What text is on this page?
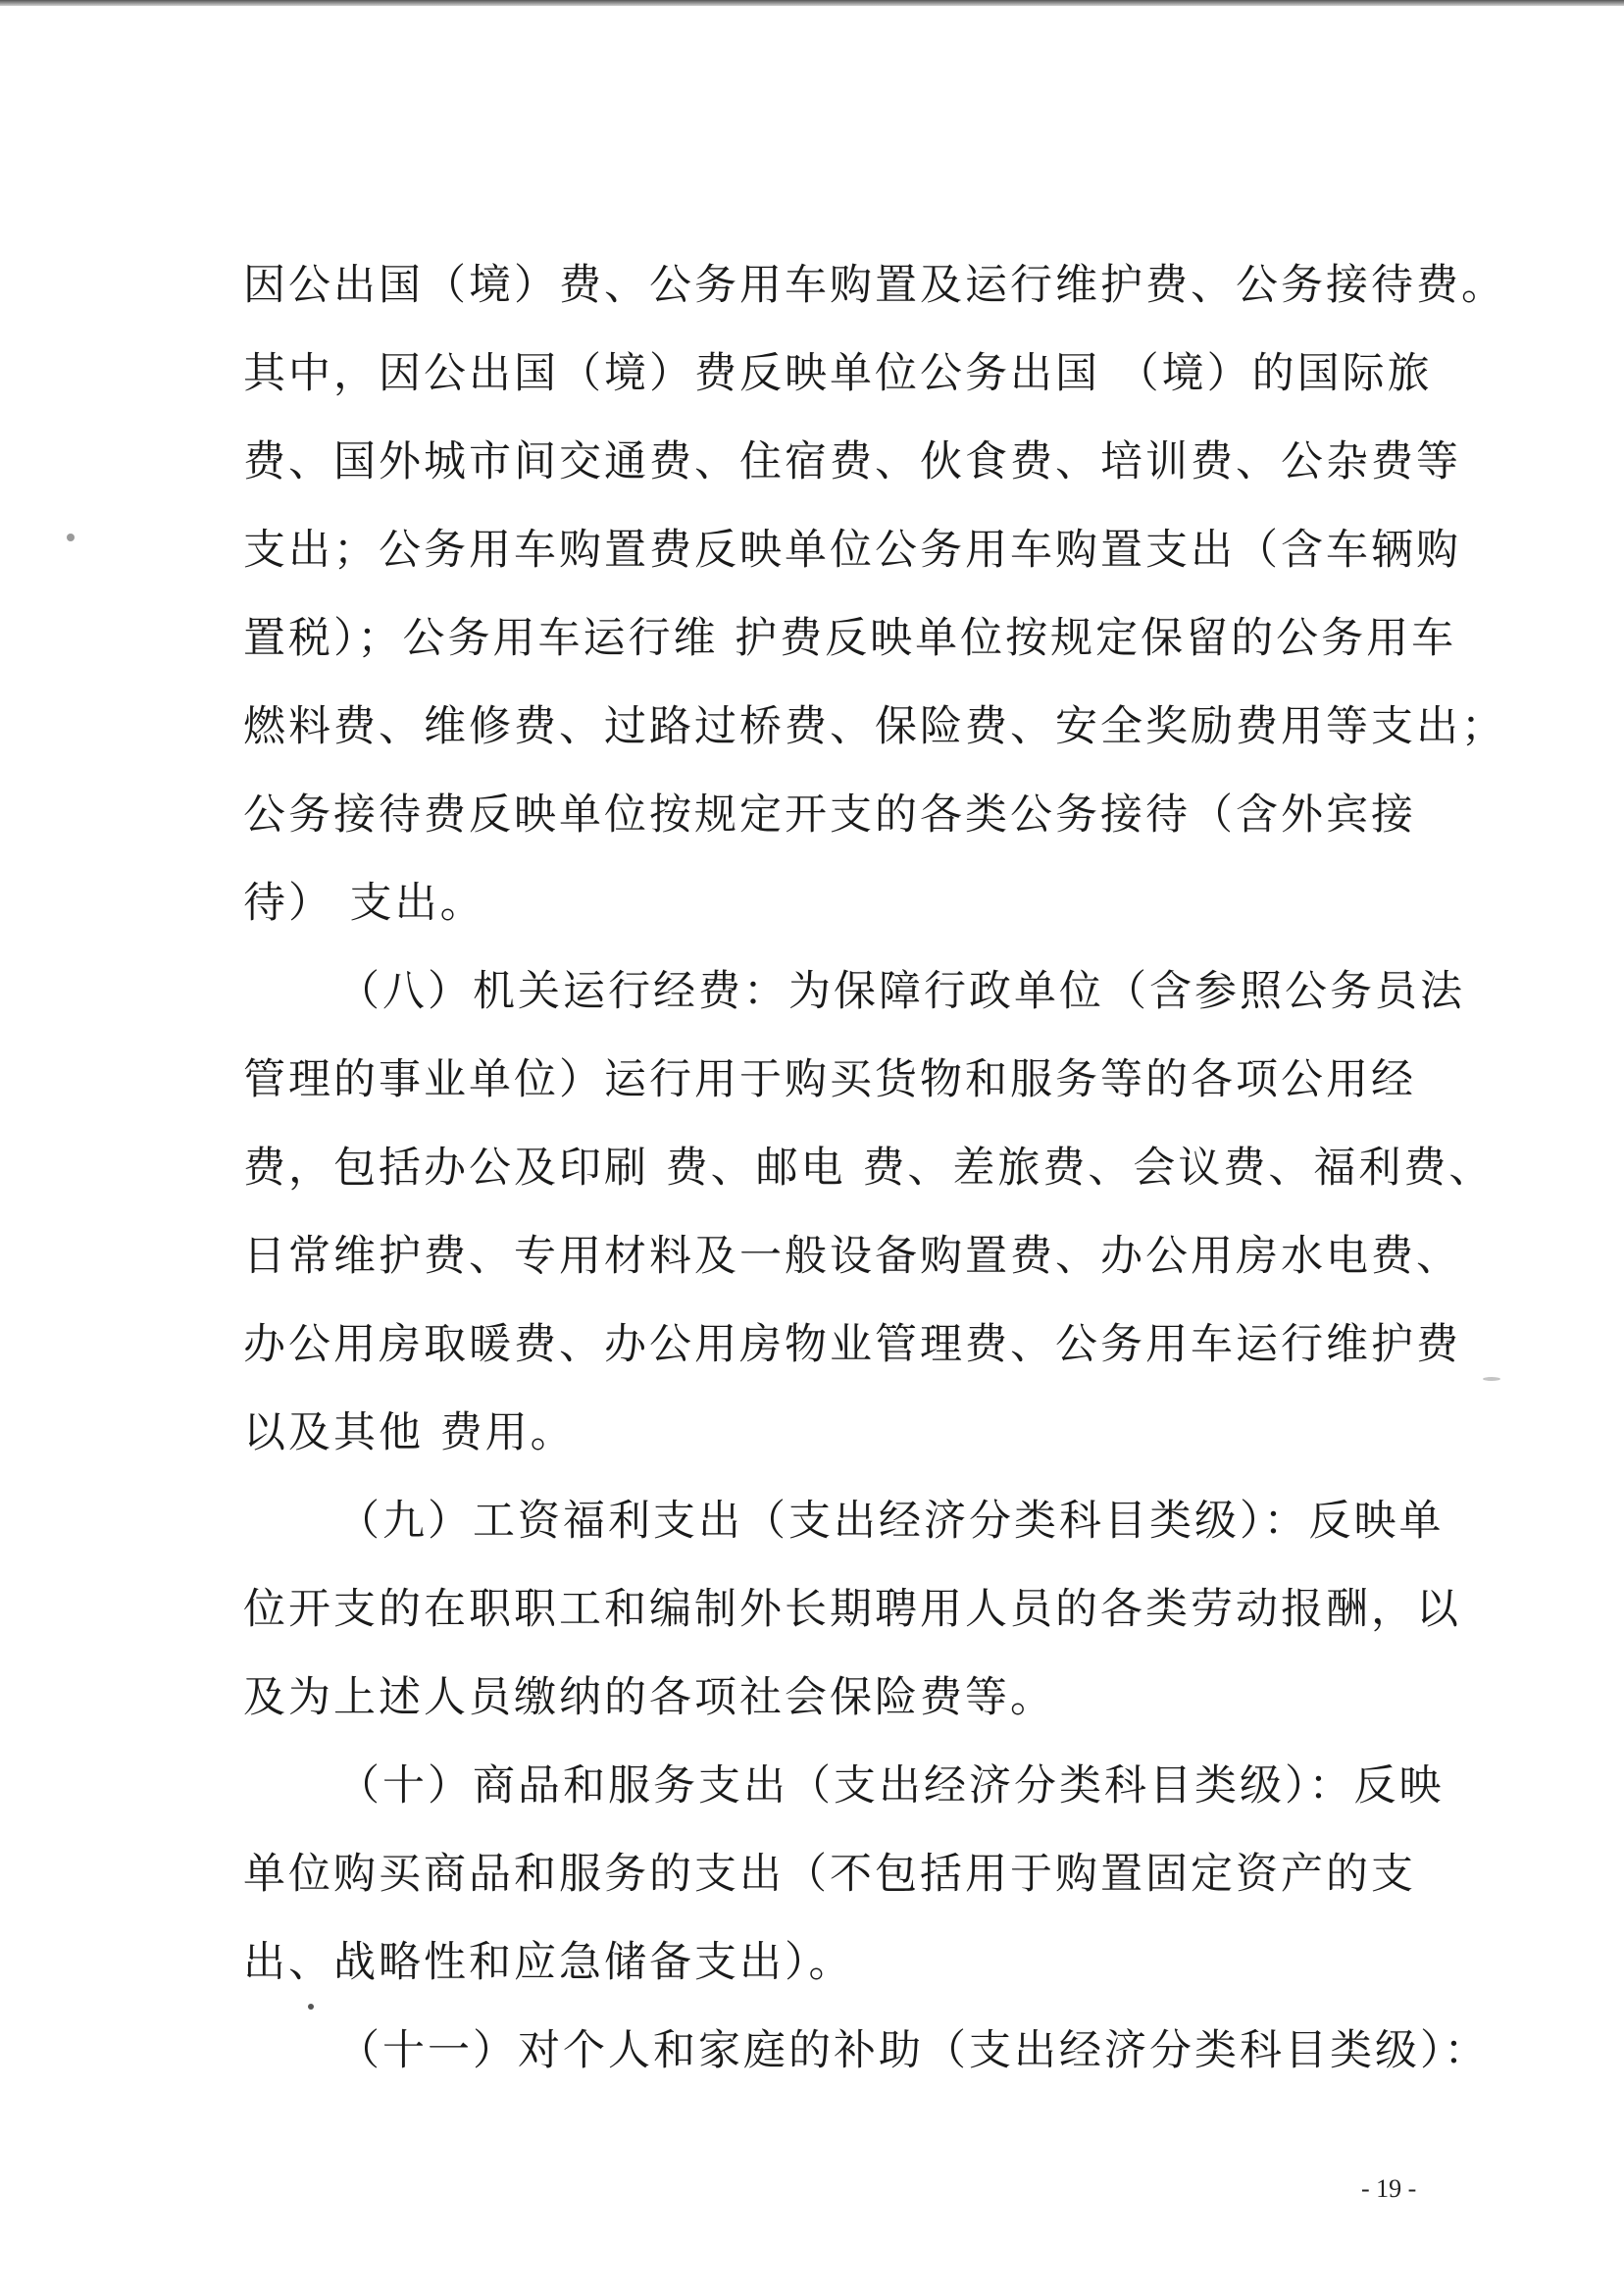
因公出国（境）费、公务用车购置及运行维护费、公务接待费。
其中，因公出国（境）费反映单位公务出国 （境）的国际旅
费、国外城市间交通费、住宿费、伙食费、培训费、公杂费等
支出；公务用车购置费反映单位公务用车购置支出（含车辆购
置税）；公务用车运行维 护费反映单位按规定保留的公务用车
燃料费、维修费、过路过桥费、保险费、安全奖励费用等支出；
公务接待费反映单位按规定开支的各类公务接待（含外宾接
待） 支出。
（八）机关运行经费：为保障行政单位（含参照公务员法
管理的事业单位）运行用于购买货物和服务等的各项公用经
费，包括办公及印刷 费、邮电 费、差旅费、会议费、福利费、
日常维护费、专用材料及一般设备购置费、办公用房水电费、
办公用房取暖费、办公用房物业管理费、公务用车运行维护费
以及其他 费用。
（九）工资福利支出（支出经济分类科目类级）：反映单
位开支的在职职工和编制外长期聘用人员的各类劳动报酬，以
及为上述人员缴纳的各项社会保险费等。
（十）商品和服务支出（支出经济分类科目类级）：反映
单位购买商品和服务的支出（不包括用于购置固定资产的支
出、战略性和应急储备支出）。
（十一）对个人和家庭的补助（支出经济分类科目类级）：
- 19 -
